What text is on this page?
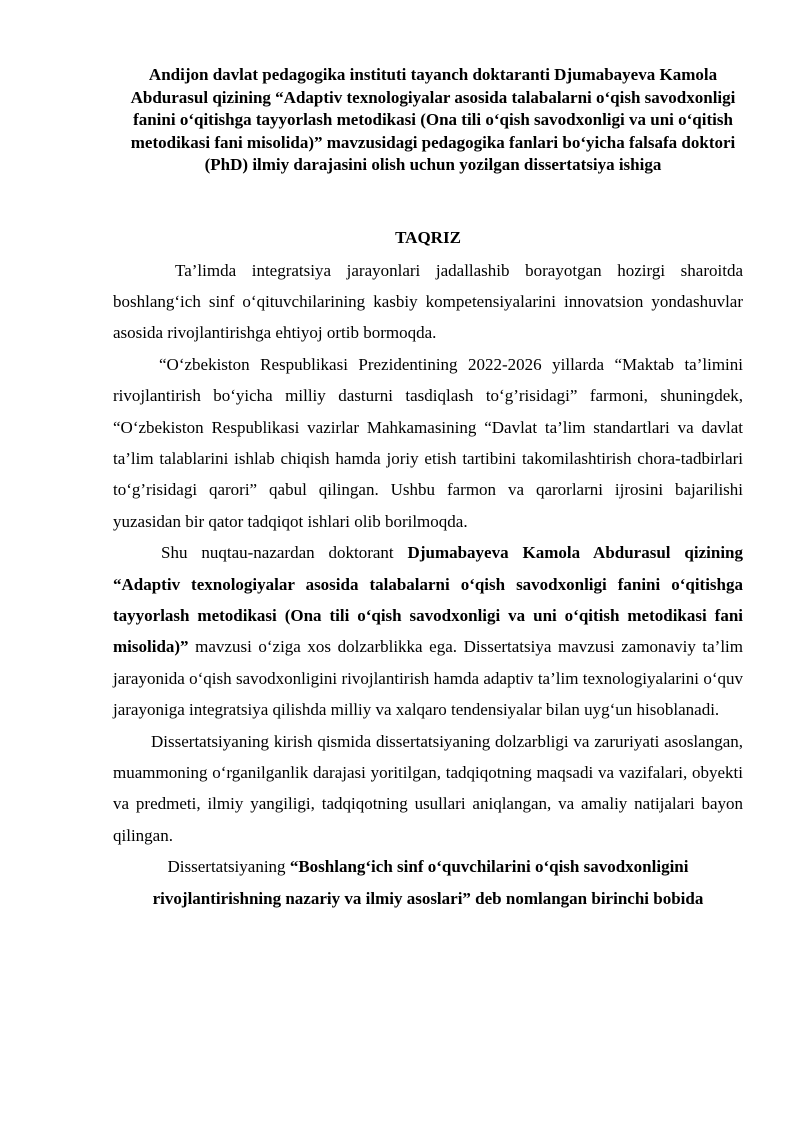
Andijon davlat pedagogika instituti tayanch doktaranti Djumabayeva Kamola Abdurasul qizining “Adaptiv texnologiyalar asosida talabalarni o‘qish savodxonligi fanini o‘qitishga tayyorlash metodikasi (Ona tili o‘qish savodxonligi va uni o‘qitish metodikasi fani misolida)” mavzusidagi pedagogika fanlari bo‘yicha falsafa doktori (PhD) ilmiy darajasini olish uchun yozilgan dissertatsiya ishiga
TAQRIZ

Ta’limda integratsiya jarayonlari jadallashib borayotgan hozirgi sharoitda boshlang‘ich sinf o‘qituvchilarining kasbiy kompetensiyalarini innovatsion yondashuvlar asosida rivojlantirishga ehtiyoj ortib bormoqda.

“O‘zbekiston Respublikasi Prezidentining 2022-2026 yillarda “Maktab ta’limini rivojlantirish bo‘yicha milliy dasturni tasdiqlash to‘g’risidagi” farmoni, shuningdek, “O‘zbekiston Respublikasi vazirlar Mahkamasining “Davlat ta’lim standartlari va davlat ta’lim talablarini ishlab chiqish hamda joriy etish tartibini takomilashtirish chora-tadbirlari to‘g’risidagi qarori” qabul qilingan. Ushbu farmon va qarorlarni ijrosini bajarilishi yuzasidan bir qator tadqiqot ishlari olib borilmoqda.

Shu nuqtau-nazardan doktorant Djumabayeva Kamola Abdurasul qizining “Adaptiv texnologiyalar asosida talabalarni o‘qish savodxonligi fanini o‘qitishga tayyorlash metodikasi (Ona tili o‘qish savodxonligi va uni o‘qitish metodikasi fani misolida)” mavzusi o‘ziga xos dolzarblikka ega. Dissertatsiya mavzusi zamonaviy ta’lim jarayonida o‘qish savodxonligini rivojlantirish hamda adaptiv ta’lim texnologiyalarini o‘quv jarayoniga integratsiya qilishda milliy va xalqaro tendensiyalar bilan uyg‘un hisoblanadi.

Dissertatsiyaning kirish qismida dissertatsiyaning dolzarbligi va zaruriyati asoslangan, muammoning o‘rganilganlik darajasi yoritilgan, tadqiqotning maqsadi va vazifalari, obyekti va predmeti, ilmiy yangiligi, tadqiqotning usullari aniqlangan, va amaliy natijalari bayon qilingan.

Dissertatsiyaning “Boshlang‘ich sinf o‘quvchilarini o‘qish savodxonligini rivojlantirishning nazariy va ilmiy asoslari” deb nomlangan birinchi bobida
